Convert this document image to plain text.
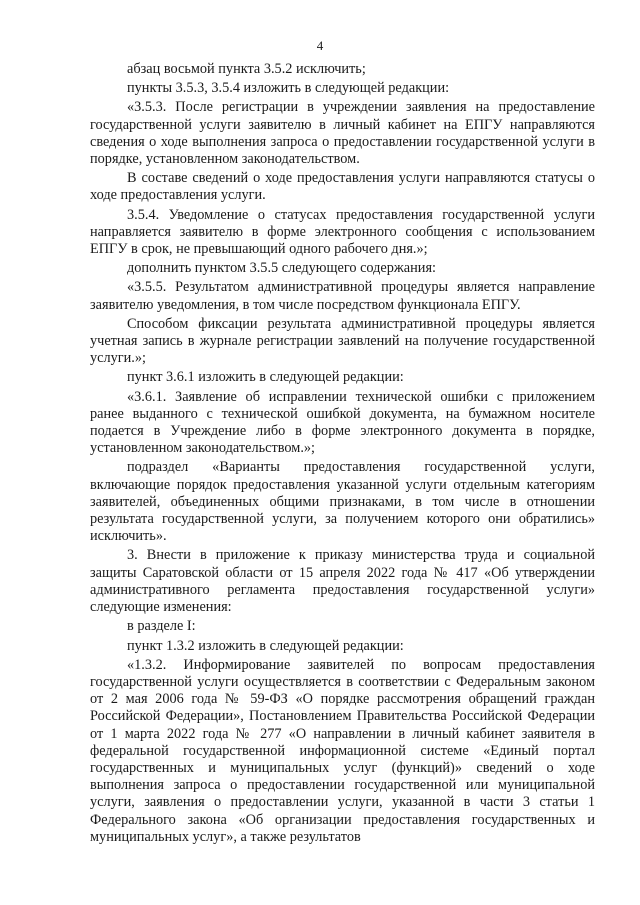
4

абзац восьмой пункта 3.5.2 исключить;

пункты 3.5.3, 3.5.4 изложить в следующей редакции:

«3.5.3. После регистрации в учреждении заявления на предоставление государственной услуги заявителю в личный кабинет на ЕПГУ направляются сведения о ходе выполнения запроса о предоставлении государственной услуги в порядке, установленном законодательством.

В составе сведений о ходе предоставления услуги направляются статусы о ходе предоставления услуги.

3.5.4. Уведомление о статусах предоставления государственной услуги направляется заявителю в форме электронного сообщения с использованием ЕПГУ в срок, не превышающий одного рабочего дня.»;

дополнить пунктом 3.5.5 следующего содержания:

«3.5.5. Результатом административной процедуры является направление заявителю уведомления, в том числе посредством функционала ЕПГУ.

Способом фиксации результата административной процедуры является учетная запись в журнале регистрации заявлений на получение государственной услуги.»;

пункт 3.6.1 изложить в следующей редакции:

«3.6.1. Заявление об исправлении технической ошибки с приложением ранее выданного с технической ошибкой документа, на бумажном носителе подается в Учреждение либо в форме электронного документа в порядке, установленном законодательством.»;

подраздел «Варианты предоставления государственной услуги, включающие порядок предоставления указанной услуги отдельным категориям заявителей, объединенных общими признаками, в том числе в отношении результата государственной услуги, за получением которого они обратились» исключить».

3. Внести в приложение к приказу министерства труда и социальной защиты Саратовской области от 15 апреля 2022 года № 417 «Об утверждении административного регламента предоставления государственной услуги» следующие изменения:

в разделе I:

пункт 1.3.2 изложить в следующей редакции:

«1.3.2. Информирование заявителей по вопросам предоставления государственной услуги осуществляется в соответствии с Федеральным законом от 2 мая 2006 года № 59-ФЗ «О порядке рассмотрения обращений граждан Российской Федерации», Постановлением Правительства Российской Федерации от 1 марта 2022 года № 277 «О направлении в личный кабинет заявителя в федеральной государственной информационной системе «Единый портал государственных и муниципальных услуг (функций)» сведений о ходе выполнения запроса о предоставлении государственной или муниципальной услуги, заявления о предоставлении услуги, указанной в части 3 статьи 1 Федерального закона «Об организации предоставления государственных и муниципальных услуг», а также результатов
